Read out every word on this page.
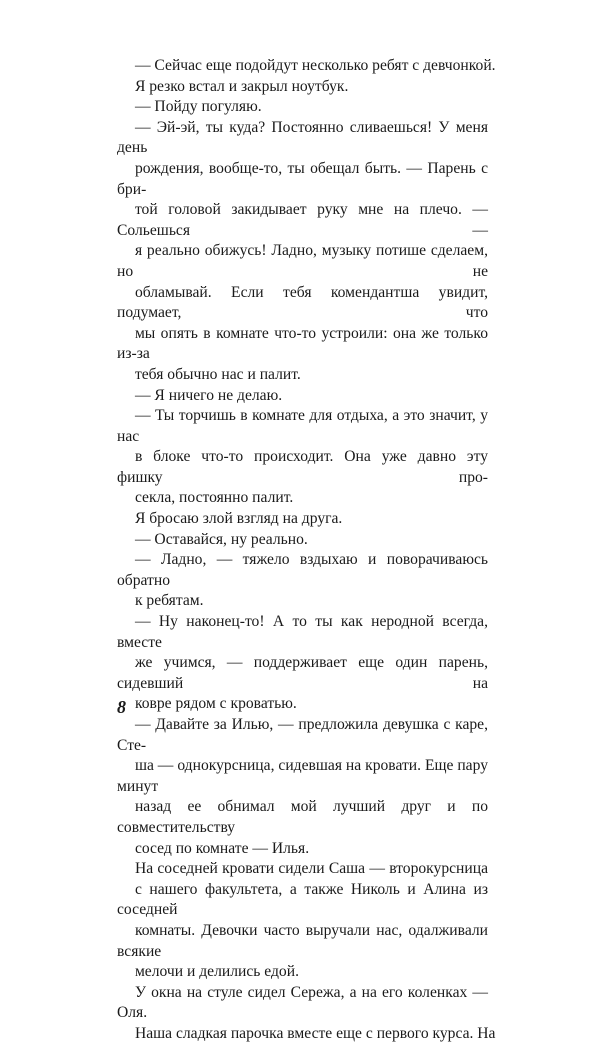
— Сейчас еще подойдут несколько ребят с девчонкой.

Я резко встал и закрыл ноутбук.

— Пойду погуляю.

— Эй-эй, ты куда? Постоянно сливаешься! У меня день
рождения, вообще-то, ты обещал быть. — Парень с бри-
той головой закидывает руку мне на плечо. — Сольешься —
я реально обижусь! Ладно, музыку потише сделаем, но не
обламывай. Если тебя комендантша увидит, подумает, что
мы опять в комнате что-то устроили: она же только из-за
тебя обычно нас и палит.

— Я ничего не делаю.

— Ты торчишь в комнате для отдыха, а это значит, у нас
в блоке что-то происходит. Она уже давно эту фишку про-
секла, постоянно палит.

Я бросаю злой взгляд на друга.

— Оставайся, ну реально.

— Ладно, — тяжело вздыхаю и поворачиваюсь обратно
к ребятам.

— Ну наконец-то! А то ты как неродной всегда, вместе
же учимся, — поддерживает еще один парень, сидевший на
ковре рядом с кроватью.

— Давайте за Илью, — предложила девушка с каре, Сте-
ша — однокурсница, сидевшая на кровати. Еще пару минут
назад ее обнимал мой лучший друг и по совместительству
сосед по комнате — Илья.

На соседней кровати сидели Саша — второкурсница
с нашего факультета, а также Николь и Алина из соседней
комнаты. Девочки часто выручали нас, одалживали всякие
мелочи и делились едой.

У окна на стуле сидел Сережа, а на его коленках — Оля.
Наша сладкая парочка вместе еще с первого курса. На

8
